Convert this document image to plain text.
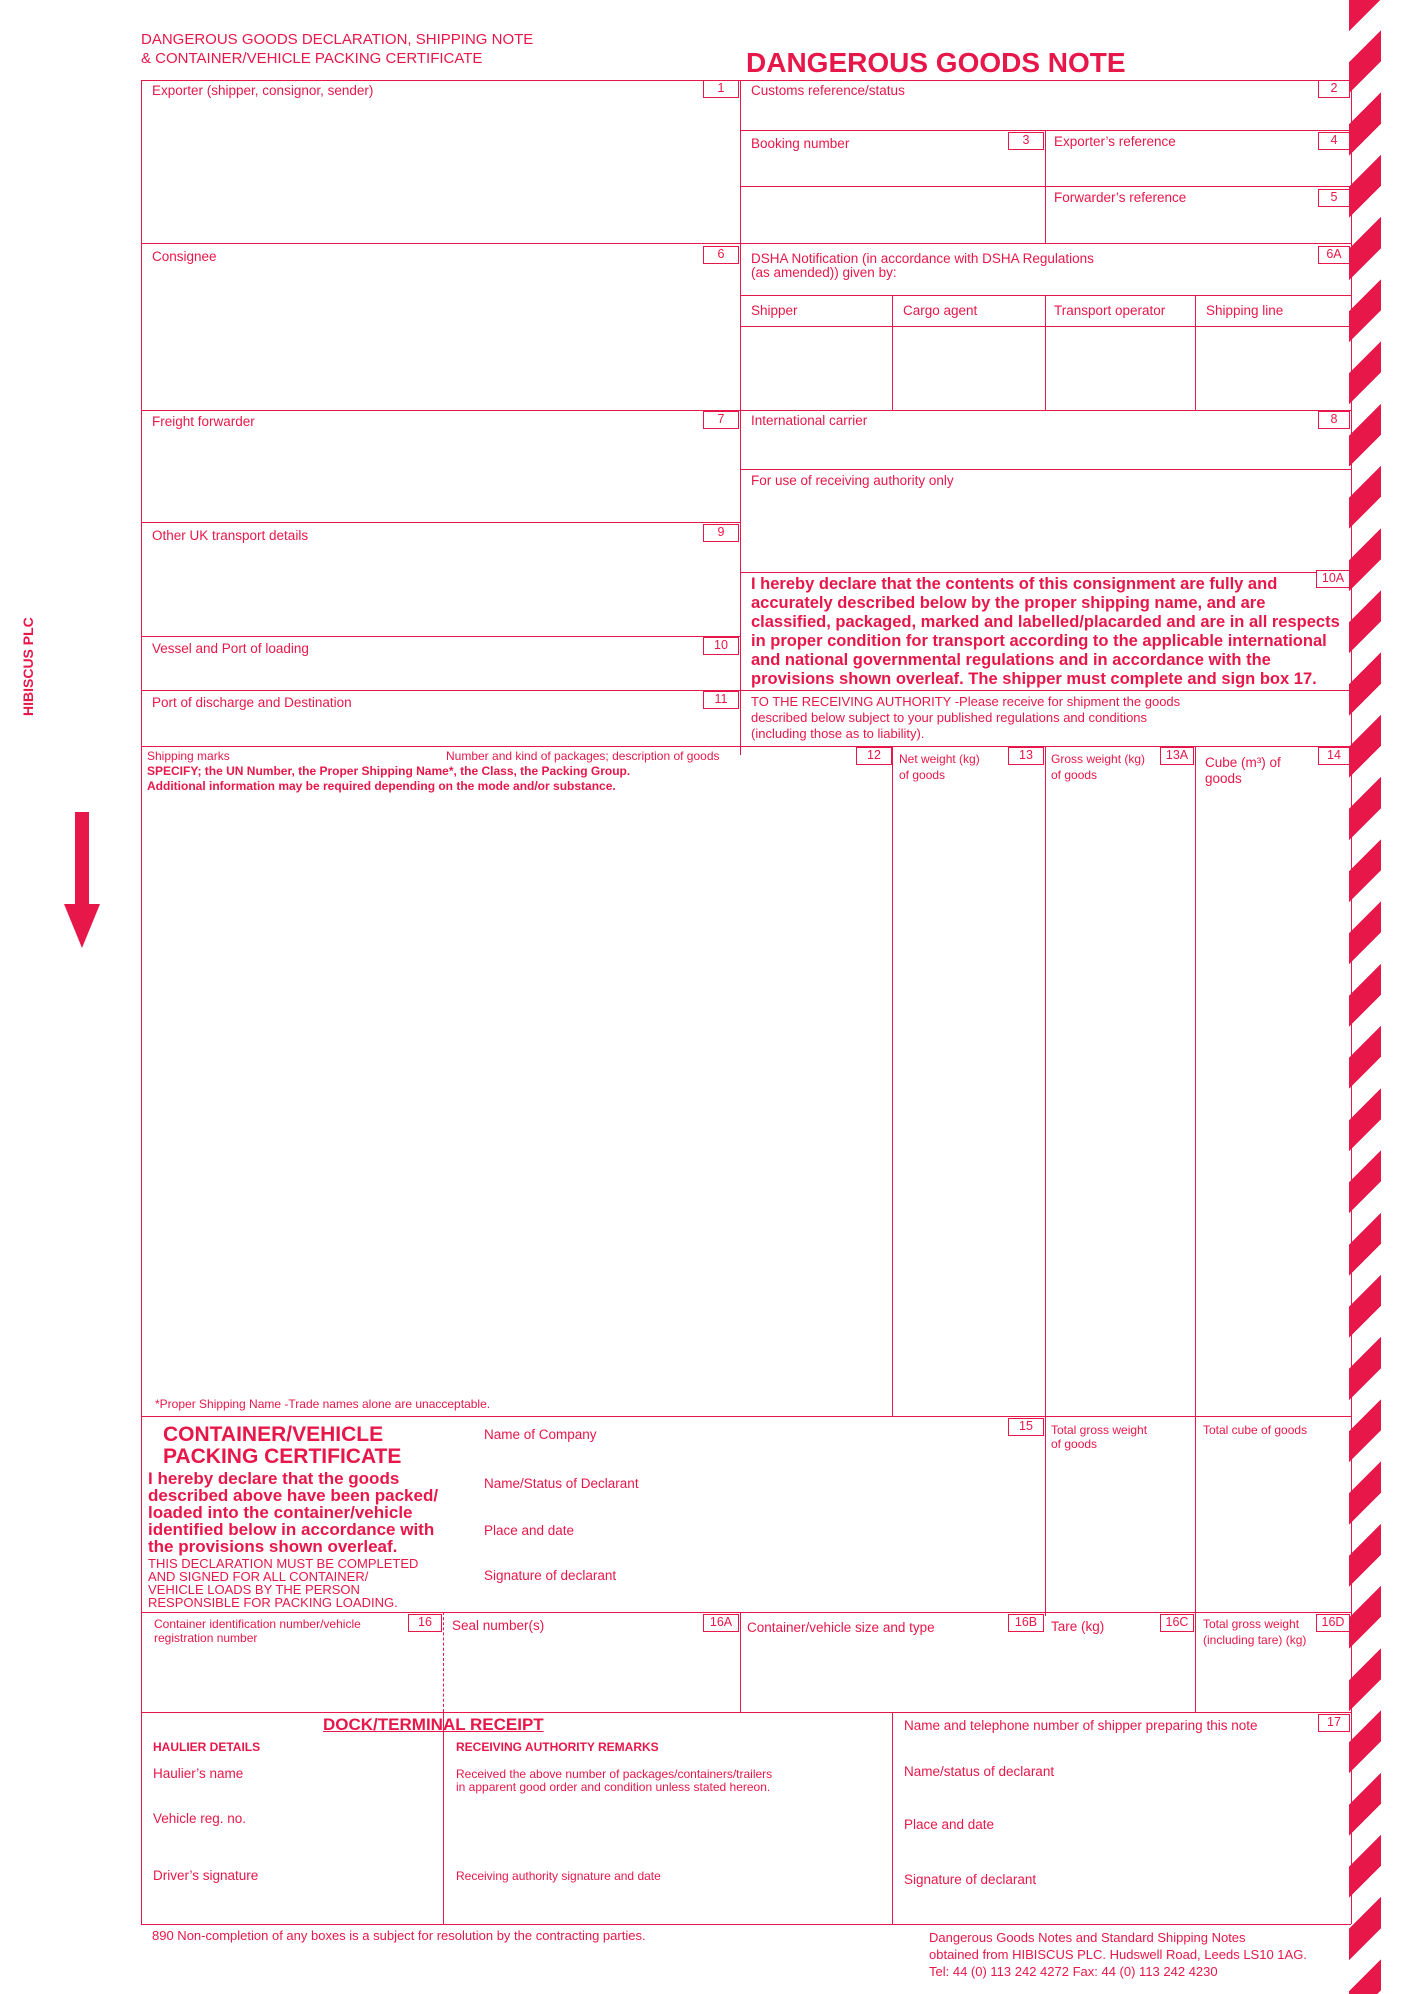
HIBISCUS PLC
DANGEROUS GOODS DECLARATION, SHIPPING NOTE
& CONTAINER/VEHICLE PACKING CERTIFICATE	DANGEROUS GOODS NOTE
1	2
3	4
5
6	6A
7	8
9
10A
10
11
12	13	13A	14
15
16	16A	16B	16C	16D
17
Exporter (shipper, consignor, sender)	Customs reference/status
Booking number	Exporter’s reference
Forwarder’s reference
Consignee	DSHA Notification (in accordance with DSHA Regulations
(as amended)) given by:
Shipper	Cargo agent	Transport operator	Shipping line
Freight forwarder	International carrier
For use of receiving authority only
Other UK transport details
Vessel and Port of loading
Port of discharge and Destination
I hereby declare that the contents of this consignment are fully and
accurately described below by the proper shipping name, and are
classified, packaged, marked and labelled/placarded and are in all respects
in proper condition for transport according to the applicable international
and national governmental regulations and in accordance with the
provisions shown overleaf. The shipper must complete and sign box 17.
TO THE RECEIVING AUTHORITY -Please receive for shipment the goods
described below subject to your published regulations and conditions
(including those as to liability).
Shipping marks	Number and kind of packages; description of goods
SPECIFY; the UN Number, the Proper Shipping Name*, the Class, the Packing Group.
Additional information may be required depending on the mode and/or substance.
Net weight (kg)
of goods
Gross weight (kg)
of goods
Cube (m³) of
goods
*Proper Shipping Name -Trade names alone are unacceptable.
CONTAINER/VEHICLE
PACKING CERTIFICATE
I hereby declare that the goods
described above have been packed/
loaded into the container/vehicle
identified below in accordance with
the provisions shown overleaf.
THIS DECLARATION MUST BE COMPLETED
AND SIGNED FOR ALL CONTAINER/
VEHICLE LOADS BY THE PERSON
RESPONSIBLE FOR PACKING LOADING.
Name of Company
Name/Status of Declarant
Place and date
Signature of declarant
Total gross weight
of goods
Total cube of goods
Container identification number/vehicle
registration number
Seal number(s)	Container/vehicle size and type	Tare (kg)	Total gross weight
(including tare) (kg)
DOCK/TERMINAL RECEIPT
HAULIER DETAILS
Haulier’s name
Vehicle reg. no.
Driver’s signature
RECEIVING AUTHORITY REMARKS
Received the above number of packages/containers/trailers
in apparent good order and condition unless stated hereon.
Receiving authority signature and date
Name and telephone number of shipper preparing this note
Name/status of declarant
Place and date
Signature of declarant
890 Non-completion of any boxes is a subject for resolution by the contracting parties.	Dangerous Goods Notes and Standard Shipping Notes
obtained from HIBISCUS PLC. Hudswell Road, Leeds LS10 1AG.
Tel: 44 (0) 113 242 4272 Fax: 44 (0) 113 242 4230
